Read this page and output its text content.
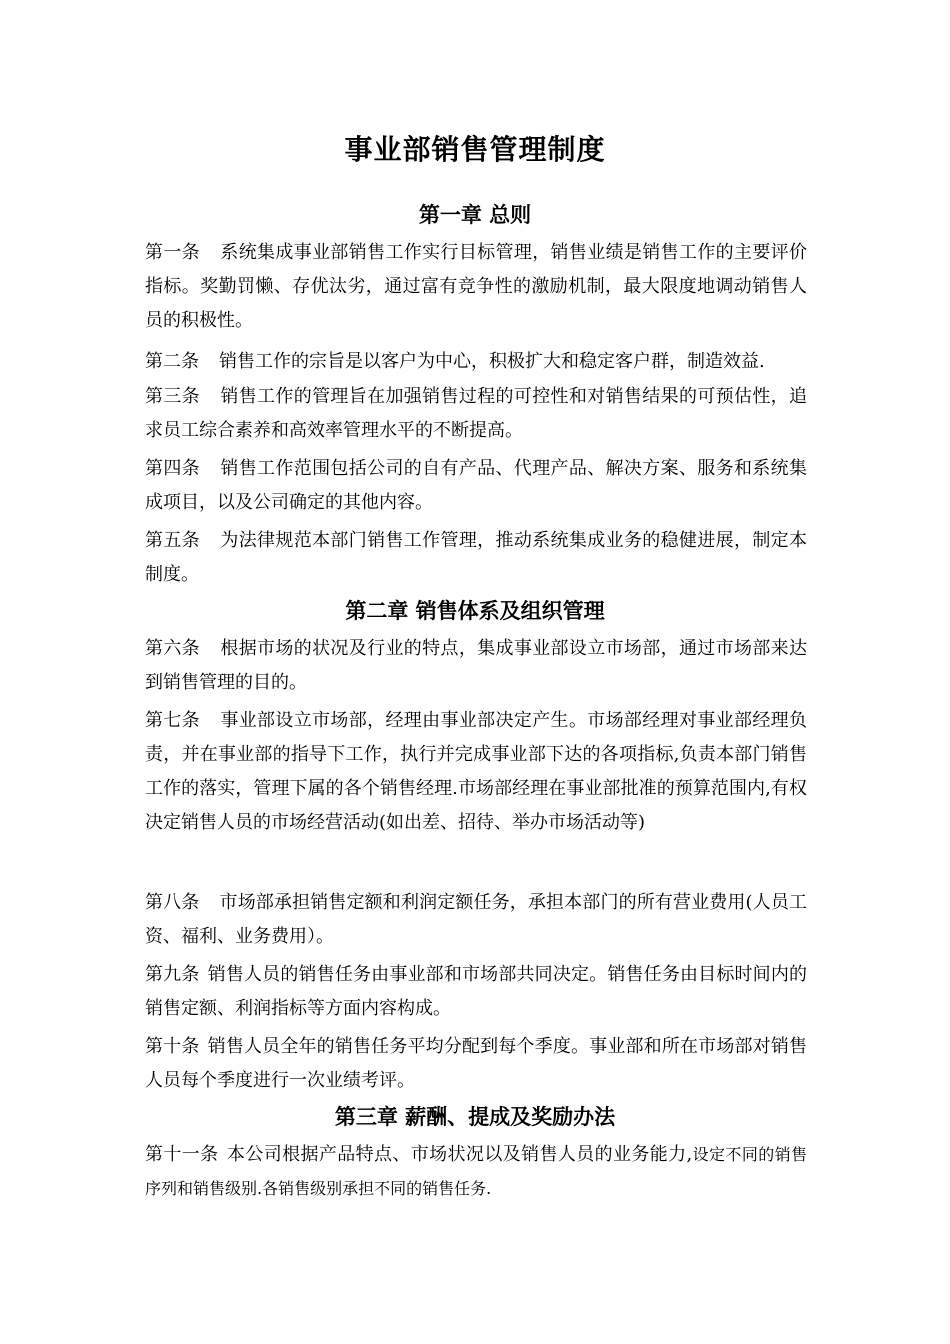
事业部销售管理制度
第一章 总则

第一条 系统集成事业部销售工作实行目标管理，销售业绩是销售工作的主要评价指标。奖勤罚懒、存优汰劣，通过富有竞争性的激励机制，最大限度地调动销售人员的积极性。

第二条 销售工作的宗旨是以客户为中心，积极扩大和稳定客户群，制造效益.

第三条 销售工作的管理旨在加强销售过程的可控性和对销售结果的可预估性，追求员工综合素养和高效率管理水平的不断提高。

第四条 销售工作范围包括公司的自有产品、代理产品、解决方案、服务和系统集成项目，以及公司确定的其他内容。

第五条 为法律规范本部门销售工作管理，推动系统集成业务的稳健进展，制定本制度。

第二章 销售体系及组织管理

第六条 根据市场的状况及行业的特点，集成事业部设立市场部，通过市场部来达到销售管理的目的。

第七条 事业部设立市场部，经理由事业部决定产生。市场部经理对事业部经理负责，并在事业部的指导下工作，执行并完成事业部下达的各项指标,负责本部门销售工作的落实，管理下属的各个销售经理.市场部经理在事业部批准的预算范围内,有权决定销售人员的市场经营活动(如出差、招待、举办市场活动等)

第八条 市场部承担销售定额和利润定额任务，承担本部门的所有营业费用(人员工资、福利、业务费用）。

第九条 销售人员的销售任务由事业部和市场部共同决定。销售任务由目标时间内的销售定额、利润指标等方面内容构成。

第十条 销售人员全年的销售任务平均分配到每个季度。事业部和所在市场部对销售人员每个季度进行一次业绩考评。

第三章 薪酬、提成及奖励办法

第十一条 本公司根据产品特点、市场状况以及销售人员的业务能力,设定不同的销售序列和销售级别.各销售级别承担不同的销售任务.
